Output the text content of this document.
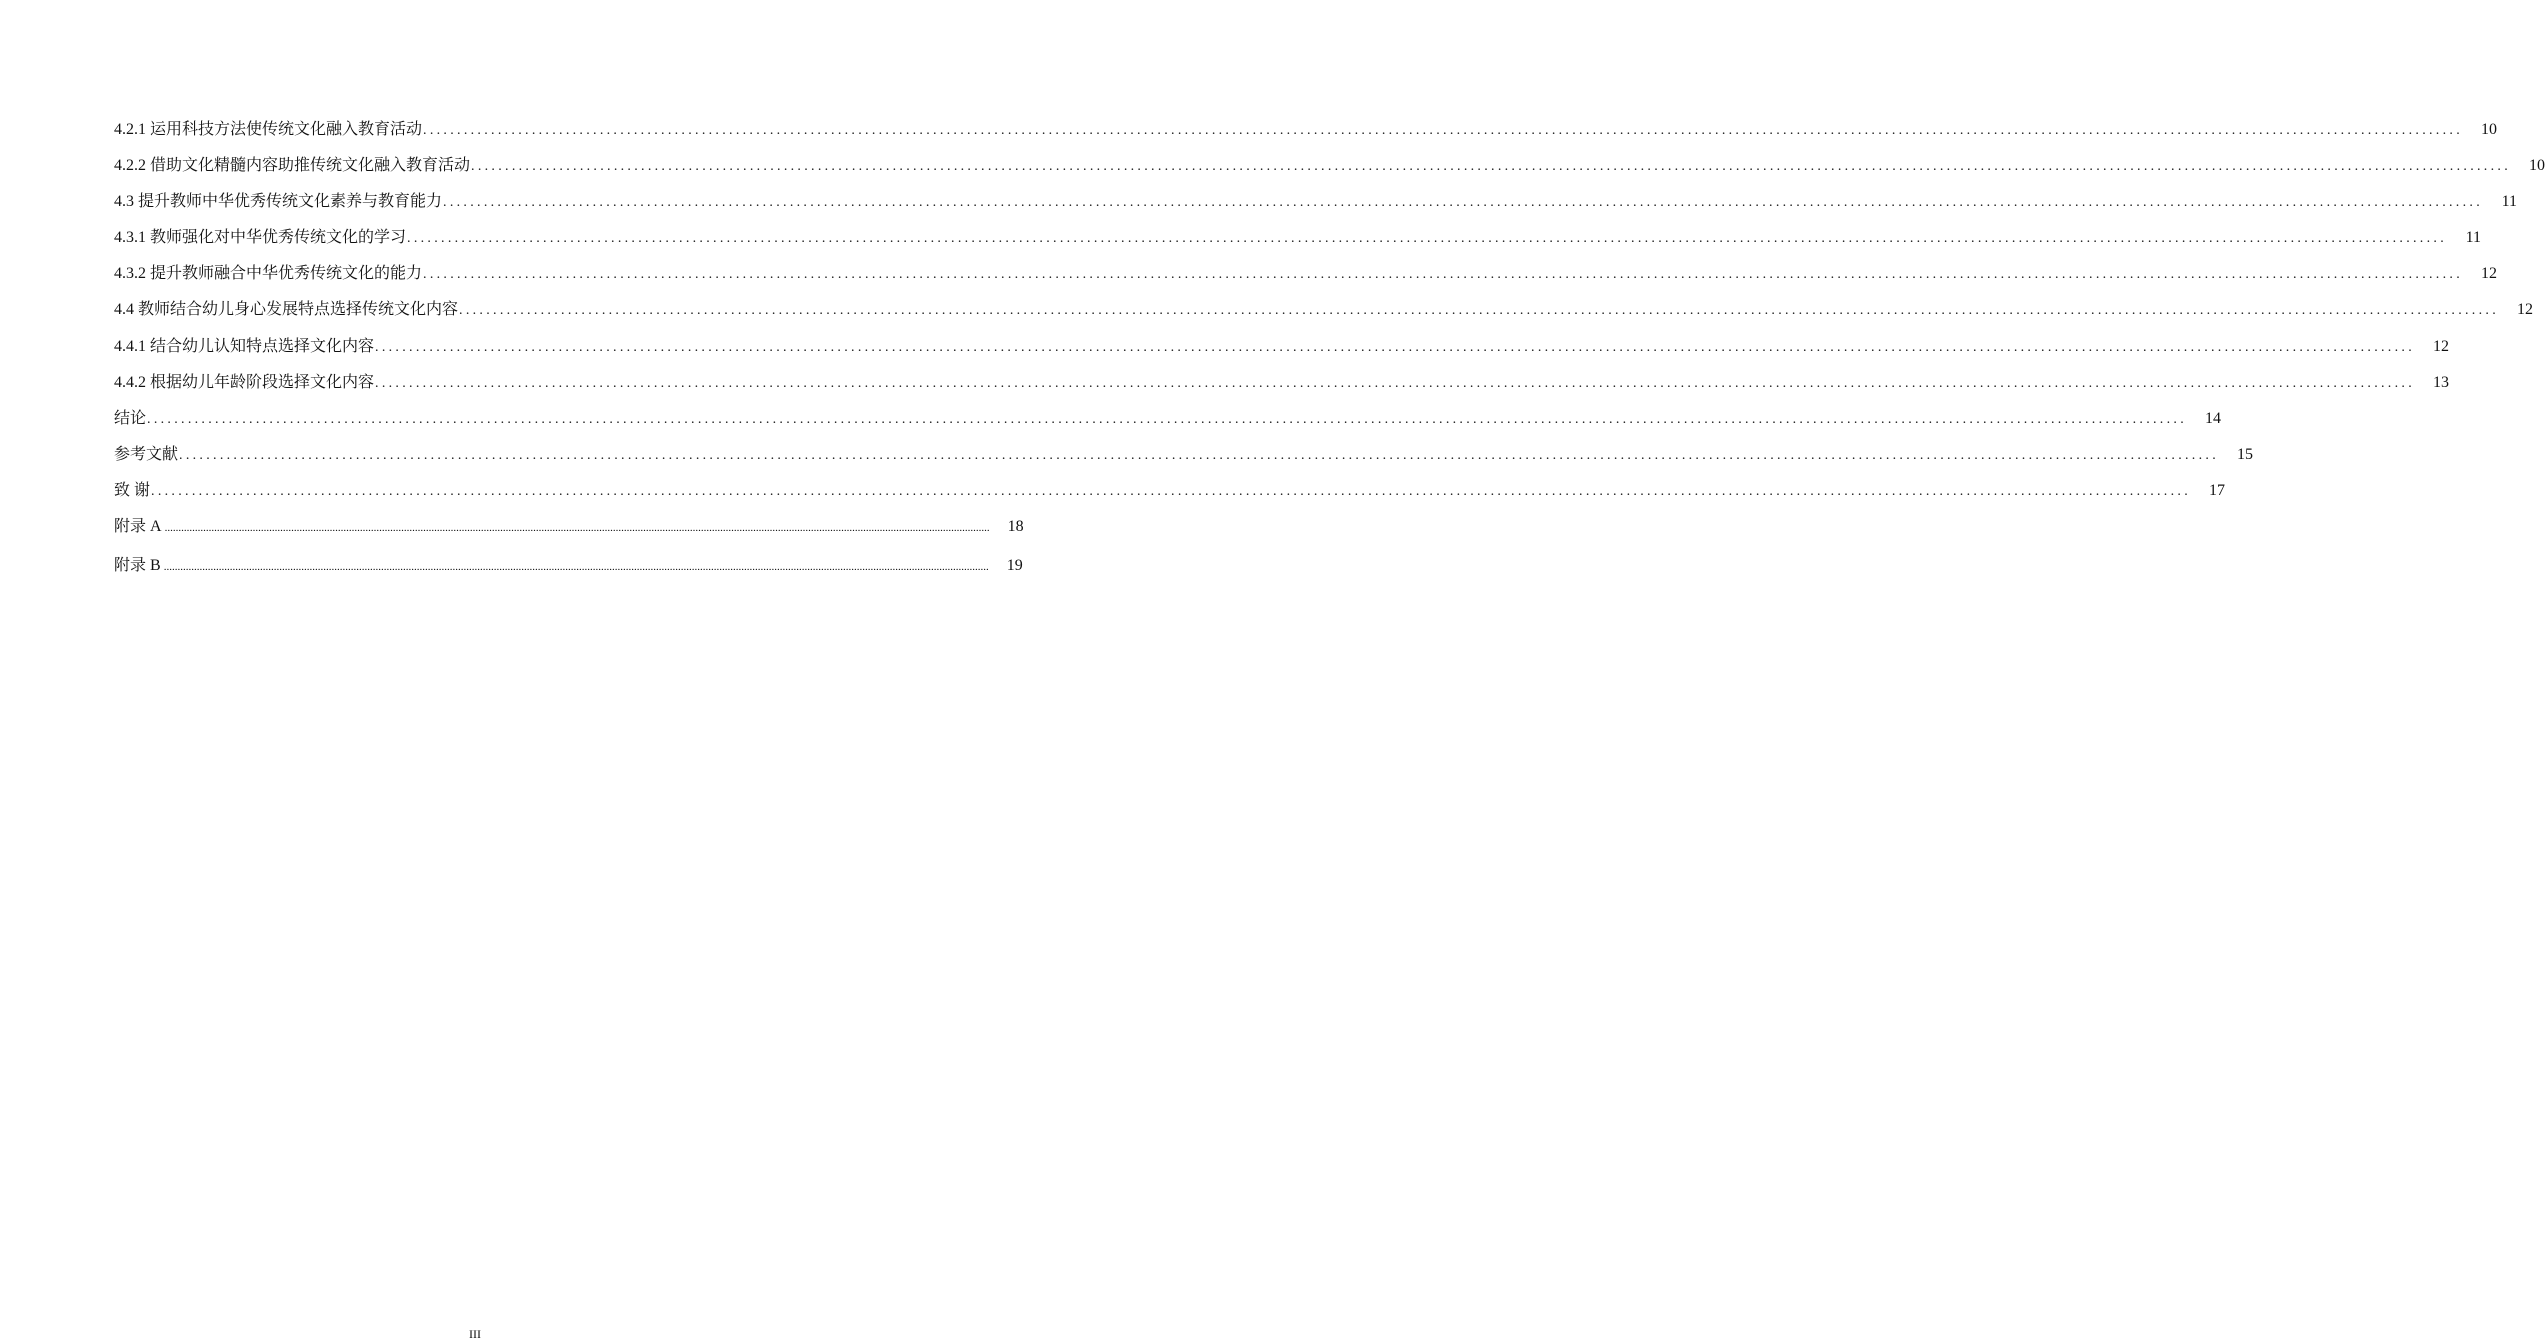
4.2.1 运用科技方法使传统文化融入教育活动 ............................................................................................................................................................................................................................................................................................................	10
4.2.2 借助文化精髓内容助推传统文化融入教育活动 ............................................................................................................................................................................................................................................................................................................	10
4.3 提升教师中华优秀传统文化素养与教育能力 ............................................................................................................................................................................................................................................................................................................	11
4.3.1 教师强化对中华优秀传统文化的学习 ............................................................................................................................................................................................................................................................................................................	11
4.3.2 提升教师融合中华优秀传统文化的能力 ............................................................................................................................................................................................................................................................................................................	12
4.4 教师结合幼儿身心发展特点选择传统文化内容 ............................................................................................................................................................................................................................................................................................................	12
4.4.1 结合幼儿认知特点选择文化内容 ............................................................................................................................................................................................................................................................................................................	12
4.4.2 根据幼儿年龄阶段选择文化内容 ............................................................................................................................................................................................................................................................................................................	13
结论 ............................................................................................................................................................................................................................................................................................................	14
参考文献 ............................................................................................................................................................................................................................................................................................................	15
致 谢 ............................................................................................................................................................................................................................................................................................................	17
附录 A ............................................................................................................................................................................................................................................................................................................	18
附录 B ............................................................................................................................................................................................................................................................................................................	19
III
